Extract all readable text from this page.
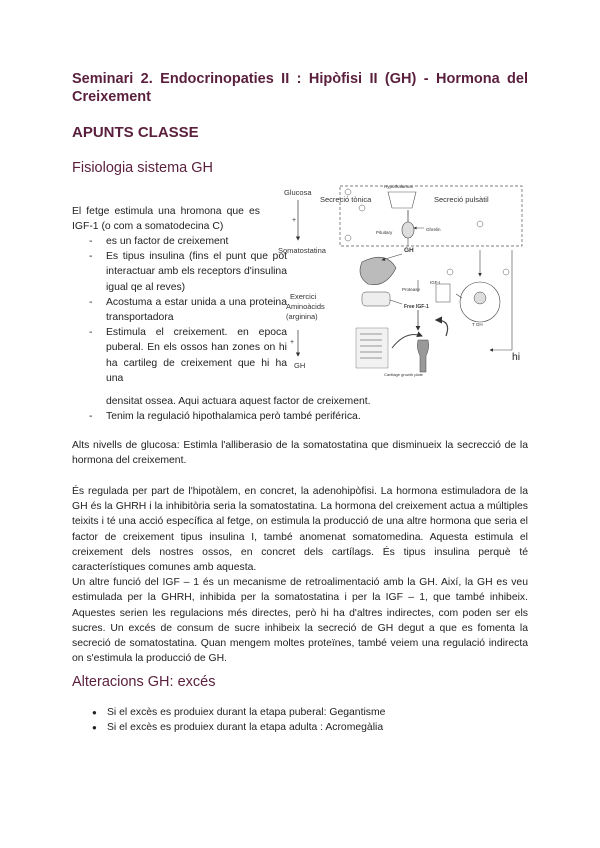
Seminari 2. Endocrinopaties II : Hipòfisi II (GH) - Hormona del
Creixement
APUNTS CLASSE
Fisiologia sistema GH
Glucosa
+
Somatostatina
Exercici
Aminoàcids
(arginina)
+
GH
Hypothalamus
Secreció tònica	Secreció pulsàtil
Pituitary
Ghrelin
GH
Protease
Free IGF-1
IGF-I
T GH
Cartilage growth plate

El fetge estimula una hromona que es IGF-1 (o com a somatodecina C)

- es un factor de creixement
- Es tipus insulina (fins el punt que pot interactuar amb els receptors d'insulina igual qe al reves)
- Acostuma a estar unida a una proteina transportadora
- Estimula el creixement. en epoca puberal. En els ossos han zones on hi ha cartileg de creixement que hi ha una
hi
densitat ossea. Aqui actuara aquest factor de creixement.
- Tenim la regulació hipothalamica però també periférica.

Alts nivells de glucosa: Estimla l'alliberasio de la somatostatina que disminueix la secrecció de la hormona del creixement.

És regulada per part de l'hipotàlem, en concret, la adenohipòfisi. La hormona estimuladora de la GH és la GHRH i la inhibitòria seria la somatostatina. La hormona del creixement actua a múltiples teixits i té una acció específica al fetge, on estimula la producció de una altre hormona que seria el factor de creixement tipus insulina I, també anomenat somatomedina. Aquesta estimula el creixement dels nostres ossos, en concret dels cartílags. És tipus insulina perquè té característiques comunes amb aquesta.

Un altre funció del IGF – 1 és un mecanisme de retroalimentació amb la GH. Així, la GH es veu estimulada per la GHRH, inhibida per la somatostatina i per la IGF – 1, que també inhibeix. Aquestes serien les regulacions més directes, però hi ha d'altres indirectes, com poden ser els sucres. Un excés de consum de sucre inhibeix la secreció de GH degut a que es fomenta la secreció de somatostatina. Quan mengem moltes proteïnes, també veiem una regulació indirecta on s'estimula la producció de GH.

Alteracions GH: excés
● Si el excès es produiex durant la etapa puberal: Gegantisme
● Si el excès es produiex durant la etapa adulta : Acromegàlia
